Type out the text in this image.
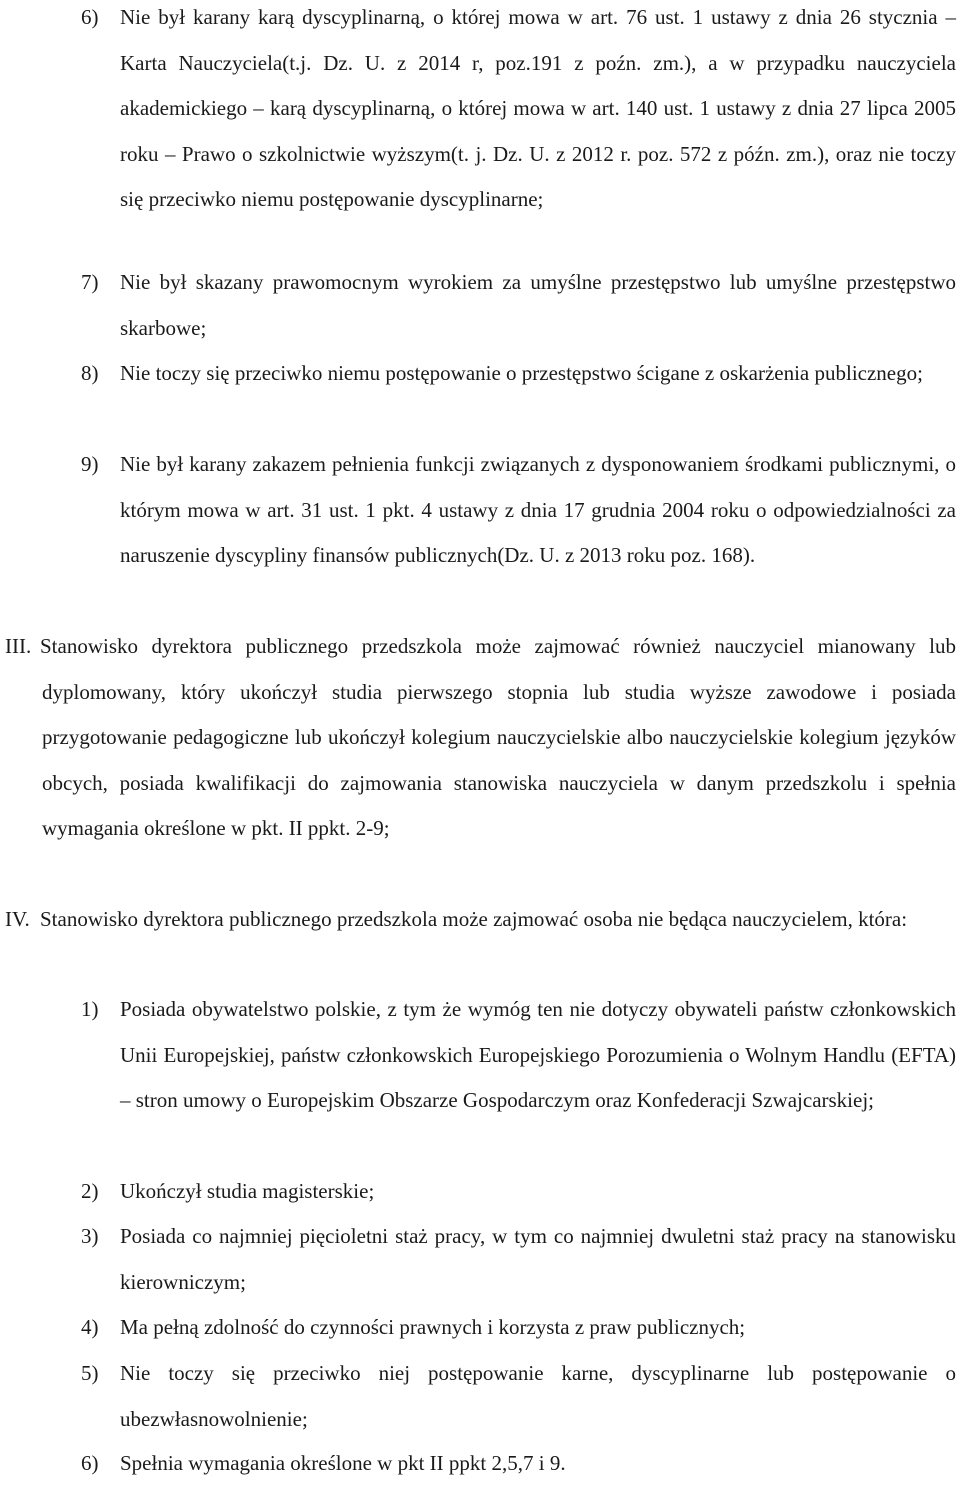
6) Nie był karany karą dyscyplinarną, o której mowa w art. 76 ust. 1 ustawy z dnia 26 stycznia – Karta Nauczyciela(t.j. Dz. U. z 2014 r, poz.191 z poźn. zm.), a w przypadku nauczyciela akademickiego – karą dyscyplinarną, o której mowa w art. 140 ust. 1 ustawy z dnia 27 lipca 2005 roku – Prawo o szkolnictwie wyższym(t. j. Dz. U. z 2012 r. poz. 572 z późn. zm.), oraz nie toczy się przeciwko niemu postępowanie dyscyplinarne;
7) Nie był skazany prawomocnym wyrokiem za umyślne przestępstwo lub umyślne przestępstwo skarbowe;
8) Nie toczy się przeciwko niemu postępowanie o przestępstwo ścigane z oskarżenia publicznego;
9) Nie był karany zakazem pełnienia funkcji związanych z dysponowaniem środkami publicznymi, o którym mowa w art. 31 ust. 1 pkt. 4 ustawy z dnia 17 grudnia 2004 roku o odpowiedzialności za naruszenie dyscypliny finansów publicznych(Dz. U. z 2013 roku poz. 168).
III. Stanowisko dyrektora publicznego przedszkola może zajmować również nauczyciel mianowany lub dyplomowany, który ukończył studia pierwszego stopnia lub studia wyższe zawodowe i posiada przygotowanie pedagogiczne lub ukończył kolegium nauczycielskie albo nauczycielskie kolegium języków obcych, posiada kwalifikacji do zajmowania stanowiska nauczyciela w danym przedszkolu i spełnia wymagania określone w pkt. II ppkt. 2-9;
IV. Stanowisko dyrektora publicznego przedszkola może zajmować osoba nie będąca nauczycielem, która:
1) Posiada obywatelstwo polskie, z tym że wymóg ten nie dotyczy obywateli państw członkowskich Unii Europejskiej, państw członkowskich Europejskiego Porozumienia o Wolnym Handlu (EFTA) – stron umowy o Europejskim Obszarze Gospodarczym oraz Konfederacji Szwajcarskiej;
2) Ukończył studia magisterskie;
3) Posiada co najmniej pięcioletni staż pracy, w tym co najmniej dwuletni staż pracy na stanowisku kierowniczym;
4) Ma pełną zdolność do czynności prawnych i korzysta z praw publicznych;
5) Nie toczy się przeciwko niej postępowanie karne, dyscyplinarne lub postępowanie o ubezwłasnowolnienie;
6) Spełnia wymagania określone w pkt II ppkt 2,5,7 i 9.
